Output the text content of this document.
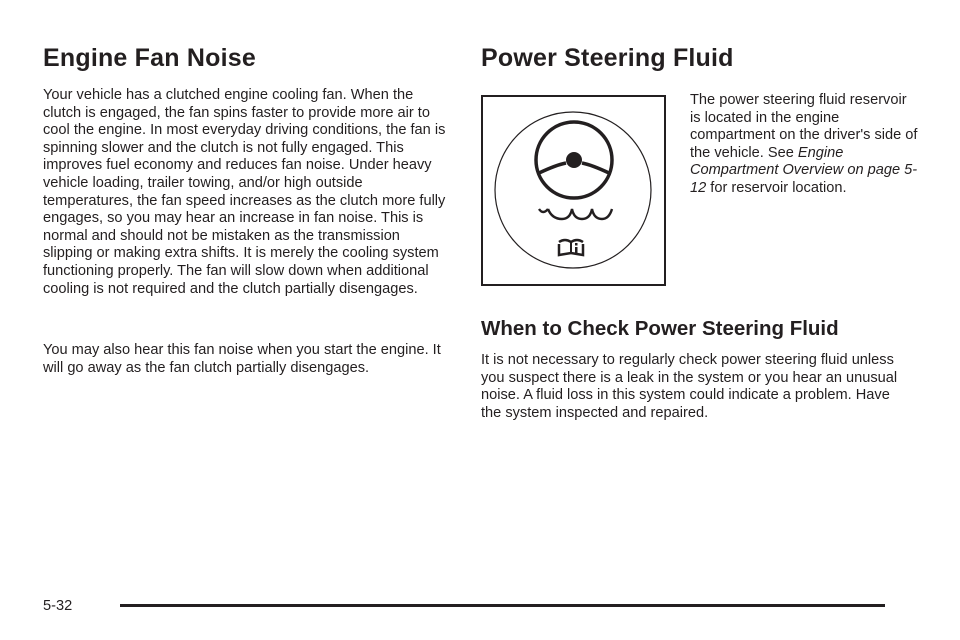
Engine Fan Noise

Your vehicle has a clutched engine cooling fan. When the clutch is engaged, the fan spins faster to provide more air to cool the engine. In most everyday driving conditions, the fan is spinning slower and the clutch is not fully engaged. This improves fuel economy and reduces fan noise. Under heavy vehicle loading, trailer towing, and/or high outside temperatures, the fan speed increases as the clutch more fully engages, so you may hear an increase in fan noise. This is normal and should not be mistaken as the transmission slipping or making extra shifts. It is merely the cooling system functioning properly. The fan will slow down when additional cooling is not required and the clutch partially disengages.

You may also hear this fan noise when you start the engine. It will go away as the fan clutch partially disengages.

Power Steering Fluid

The power steering fluid reservoir is located in the engine compartment on the driver's side of the vehicle. See Engine Compartment Overview on page 5-12 for reservoir location.

When to Check Power Steering Fluid

It is not necessary to regularly check power steering fluid unless you suspect there is a leak in the system or you hear an unusual noise. A fluid loss in this system could indicate a problem. Have the system inspected and repaired.

5-32
